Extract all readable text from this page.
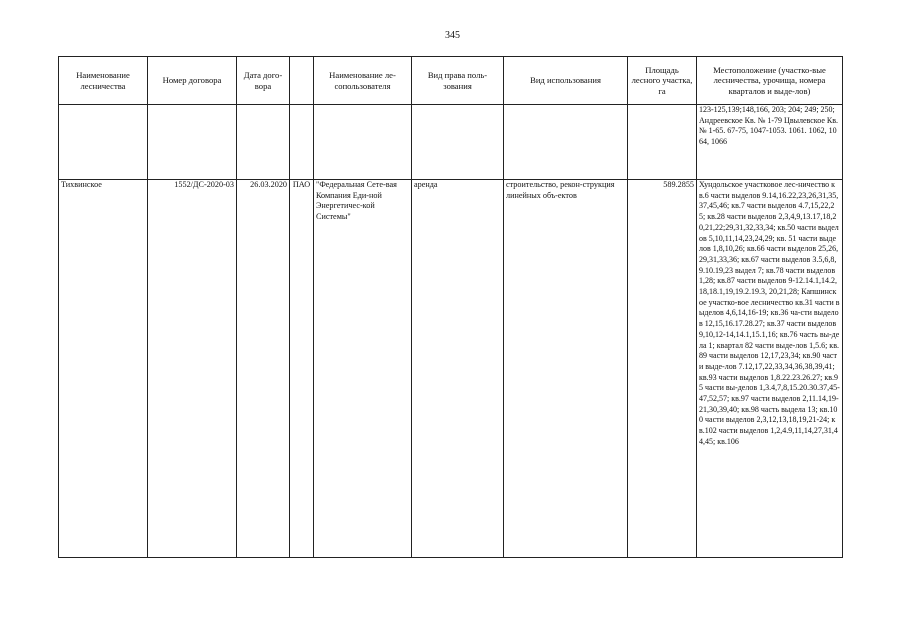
345
Наименование лесничества	Номер договора	Дата дого-вора		Наименование ле-сопользователя	Вид права поль-зования	Вид использования	Площадь лесного участка, га	Местоположение (участко-вые лесничества, урочища, номера кварталов и выде-лов)
								123-125,139;148,166, 203; 204; 249; 250; Андреевское Кв. № 1-79 Цвылевское Кв.№ 1-65. 67-75, 1047-1053. 1061. 1062, 1064, 1066
Тихвинское	1552/ДС-2020-03	26.03.2020	ПАО	"Федеральная Сете-вая Компания Еди-ной Энергетичес-кой Системы"	аренда	строительство, рекон-струкция линейных объ-ектов	589.2855	Хундольское участковое лес-ничество кв.6 части выделов 9.14,16.22,23,26,31,35,37,45,46; кв.7 части выделов 4.7,15,22,25; кв.28 части выделов 2,3,4,9,13.17,18,20,21,22;29,31,32,33,34; кв.50 части выделов 5,10,11,14,23,24,29; кв. 51 части выделов 1,8,10,26; кв.66 части выделов 25,26,29,31,33,36; кв.67 части выделов 3.5,6,8,9.10.19,23 выдел 7; кв.78 части выделов 1,28; кв.87 части выделов 9-12.14.1,14.2,18,18.1,19,19.2.19.3, 20,21,28; Капшинское участко-вое лесничество кв.31 части выделов 4,6,14,16-19; кв.36 ча-сти выделов 12,15,16.17.28.27; кв.37 части выделов 9,10,12-14,14.1,15.1,16; кв.76 часть вы-дела 1; квартал 82 части выде-лов 1,5.6; кв.89 части выделов 12,17,23,34; кв.90 части выде-лов 7.12,17,22,33,34,36,38,39,41; кв.93 части выделов 1,8.22.23.26.27; кв.95 части вы-делов 1,3.4,7,8,15.20.30.37,45-47,52,57; кв.97 части выделов 2,11.14,19-21,30,39,40; кв.98 часть выдела 13; кв.100 части выделов 2,3,12,13,18,19,21-24; кв.102 части выделов 1,2,4.9,11,14,27,31,44,45; кв.106
